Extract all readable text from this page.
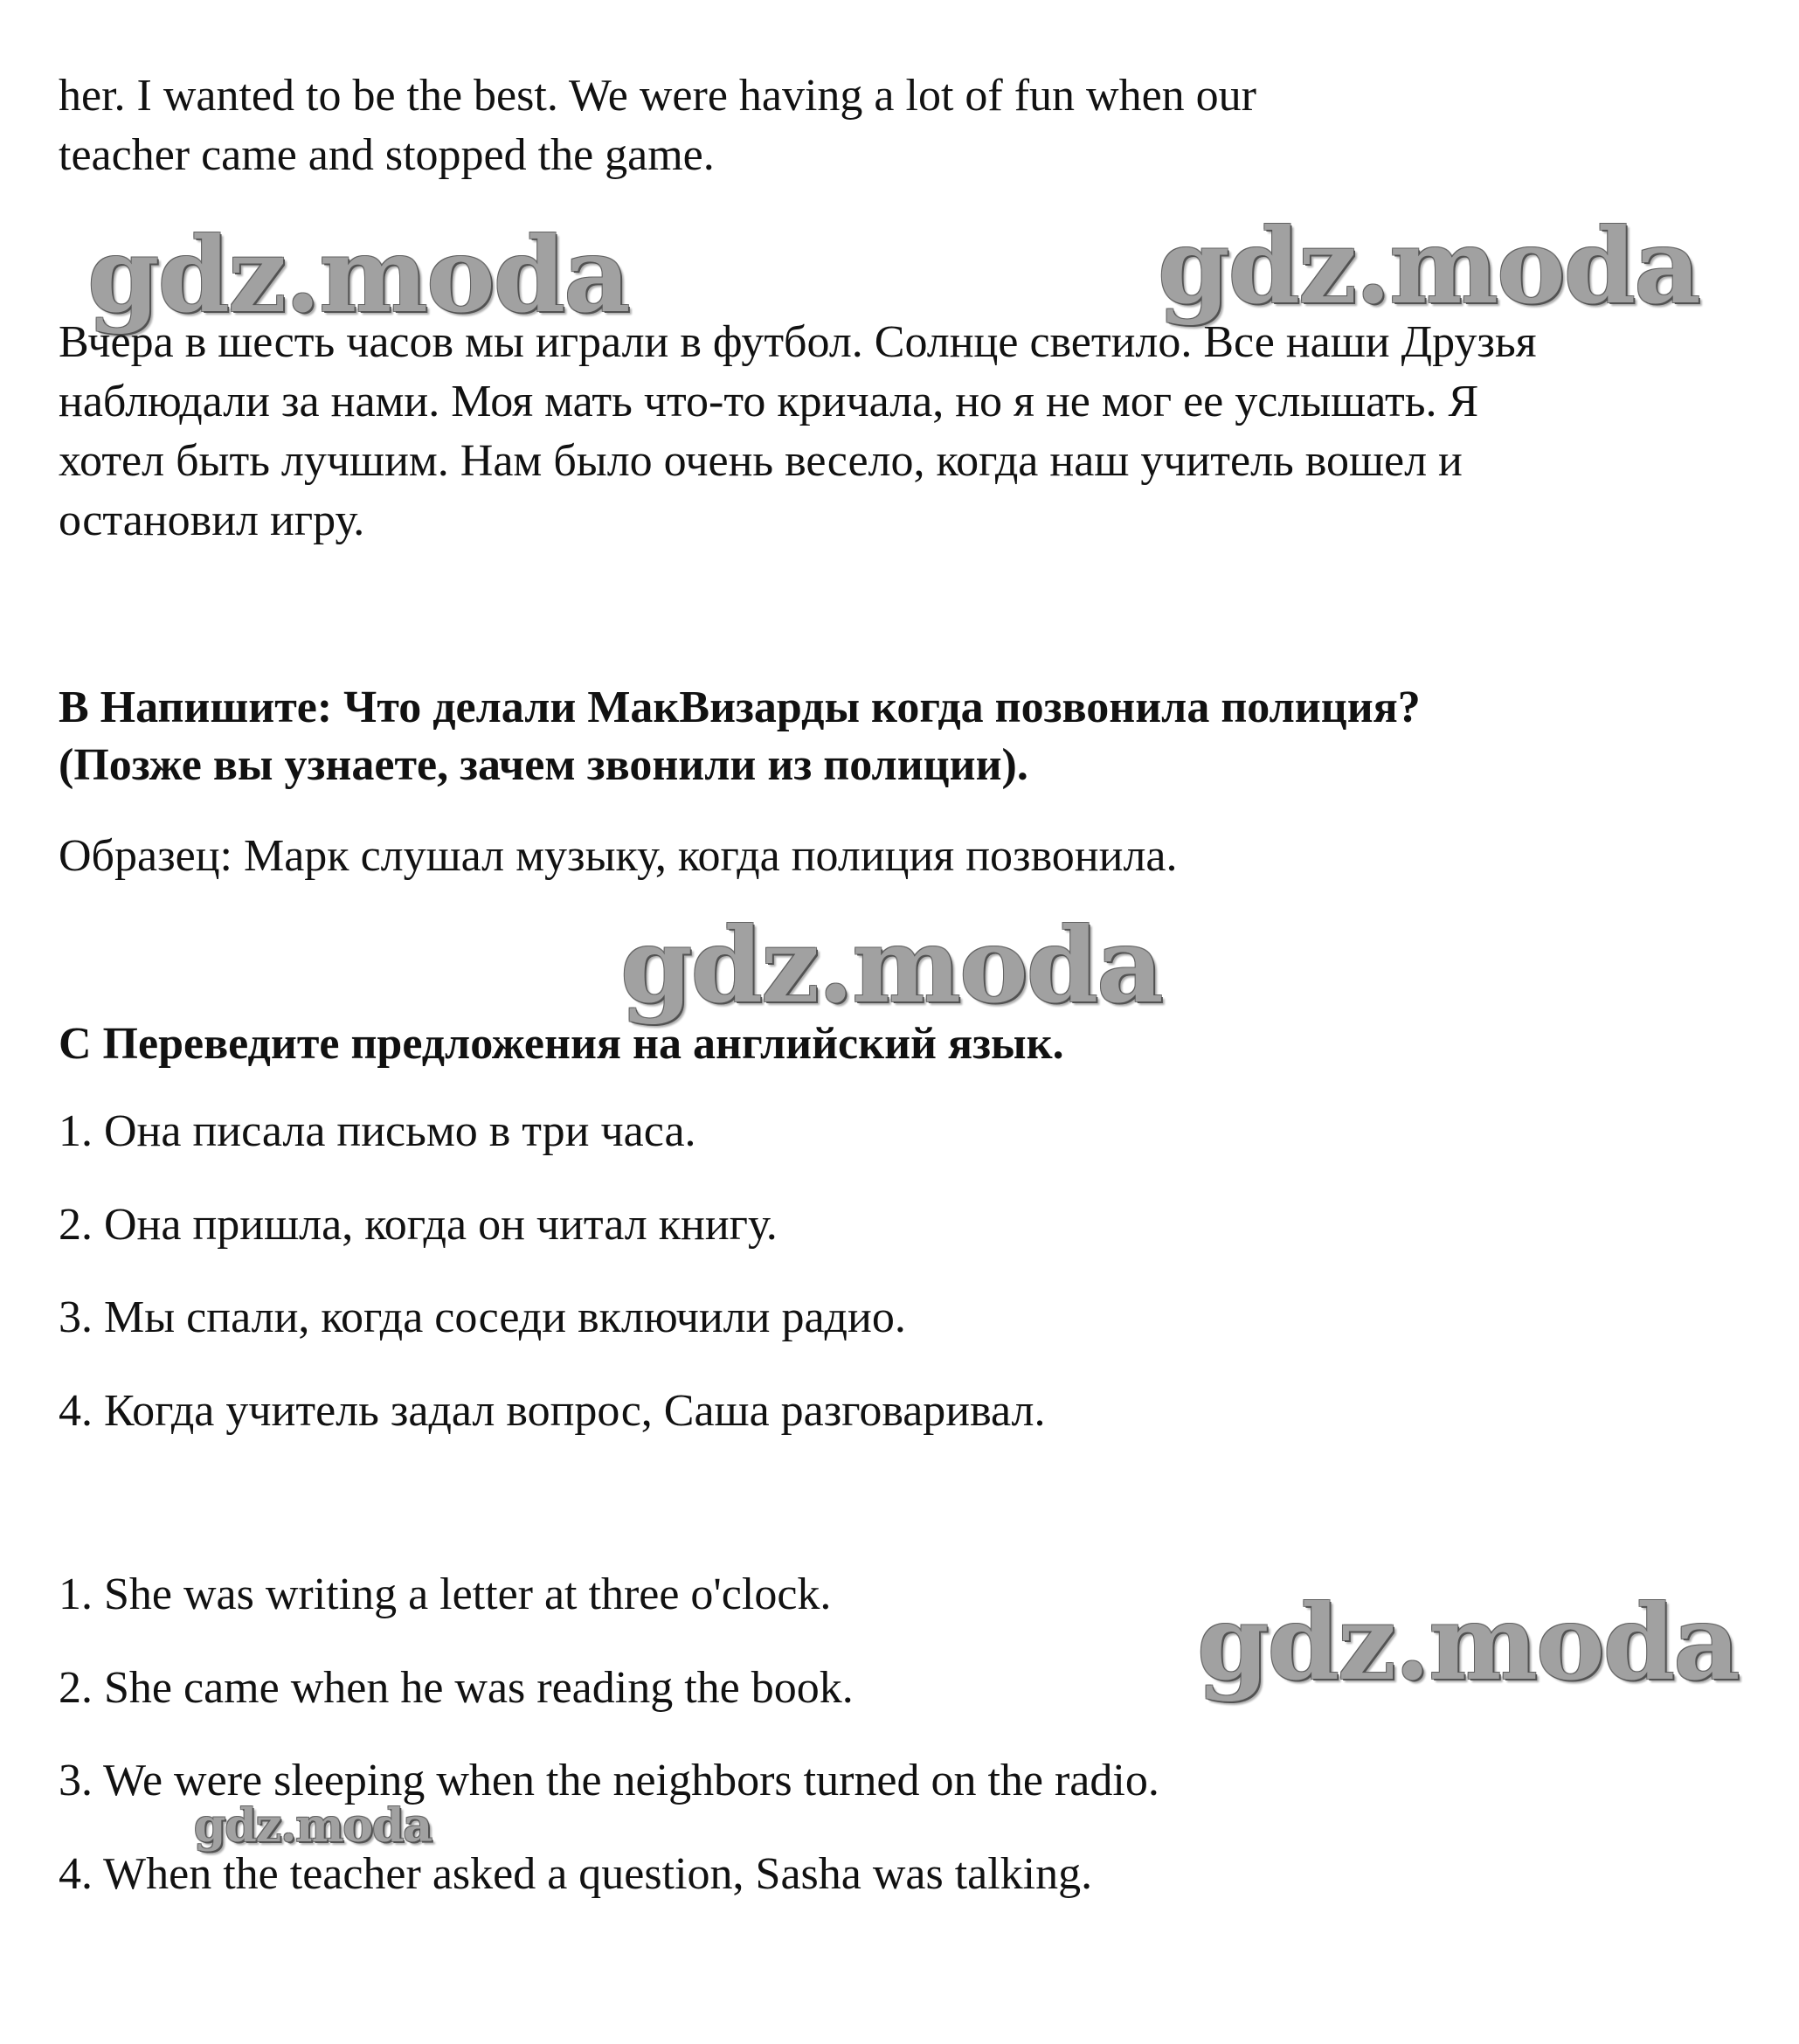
her. I wanted to be the best. We were having a lot of fun when our

teacher came and stopped the game.

gdz.moda	gdz.moda

Вчера в шесть часов мы играли в футбол. Солнце светило. Все наши Друзья

наблюдали за нами. Моя мать что-то кричала, но я не мог ее услышать. Я

хотел быть лучшим. Нам было очень весело, когда наш учитель вошел и

остановил игру.

B Напишите: Что делали МакВизарды когда позвонила полиция?

(Позже вы узнаете, зачем звонили из полиции).

Образец: Марк слушал музыку, когда полиция позвонила.

gdz.moda

C Переведите предложения на английский язык.

1. Она писала письмо в три часа.

2. Она пришла, когда он читал книгу.

3. Мы спали, когда соседи включили радио.

4. Когда учитель задал вопрос, Саша разговаривал.

1. She was writing a letter at three o'clock.

2. She came when he was reading the book.

3. We were sleeping when the neighbors turned on the radio.

4. When the teacher asked a question, Sasha was talking.

gdz.moda
gdz.moda
